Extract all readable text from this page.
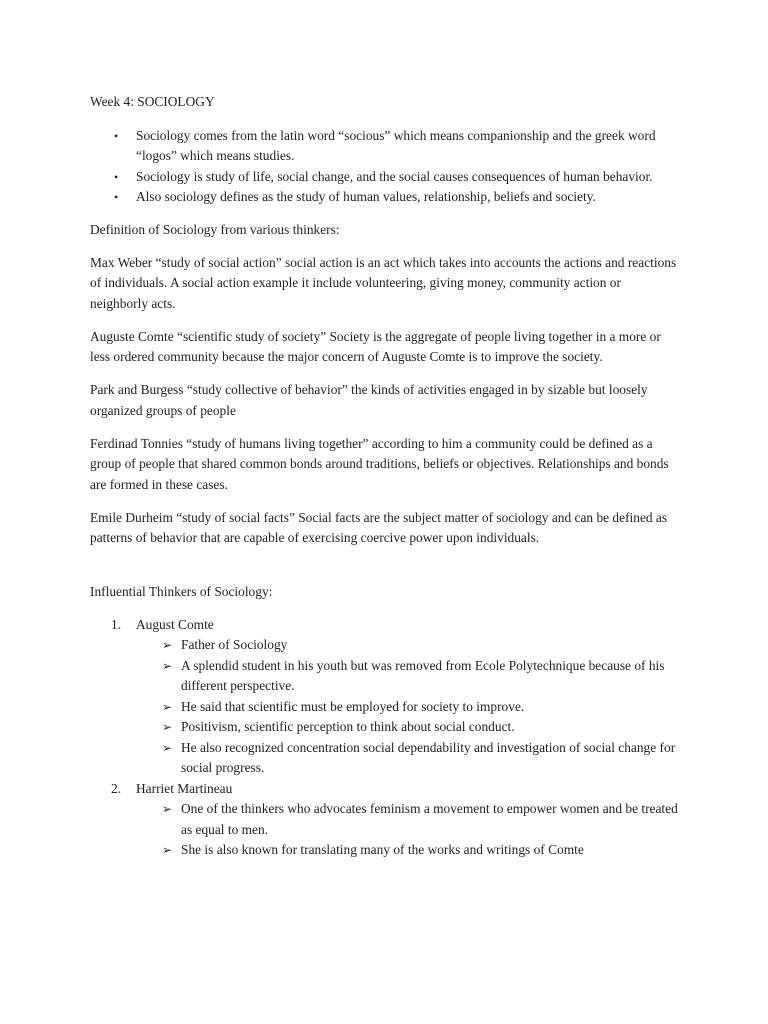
Week 4: SOCIOLOGY

• Sociology comes from the latin word “socious” which means companionship and the greek word “logos” which means studies.
• Sociology is study of life, social change, and the social causes consequences of human behavior.
• Also sociology defines as the study of human values, relationship, beliefs and society.

Definition of Sociology from various thinkers:

Max Weber “study of social action” social action is an act which takes into accounts the actions and reactions of individuals. A social action example it include volunteering, giving money, community action or neighborly acts.

Auguste Comte “scientific study of society” Society is the aggregate of people living together in a more or less ordered community because the major concern of Auguste Comte is to improve the society.

Park and Burgess “study collective of behavior” the kinds of activities engaged in by sizable but loosely organized groups of people

Ferdinad Tonnies “study of humans living together” according to him a community could be defined as a group of people that shared common bonds around traditions, beliefs or objectives. Relationships and bonds are formed in these cases.

Emile Durheim “study of social facts” Social facts are the subject matter of sociology and can be defined as patterns of behavior that are capable of exercising coercive power upon individuals.

Influential Thinkers of Sociology:

1. August Comte
➢ Father of Sociology
➢ A splendid student in his youth but was removed from Ecole Polytechnique because of his different perspective.
➢ He said that scientific must be employed for society to improve.
➢ Positivism, scientific perception to think about social conduct.
➢ He also recognized concentration social dependability and investigation of social change for social progress.
2. Harriet Martineau
➢ One of the thinkers who advocates feminism a movement to empower women and be treated as equal to men.
➢ She is also known for translating many of the works and writings of Comte
